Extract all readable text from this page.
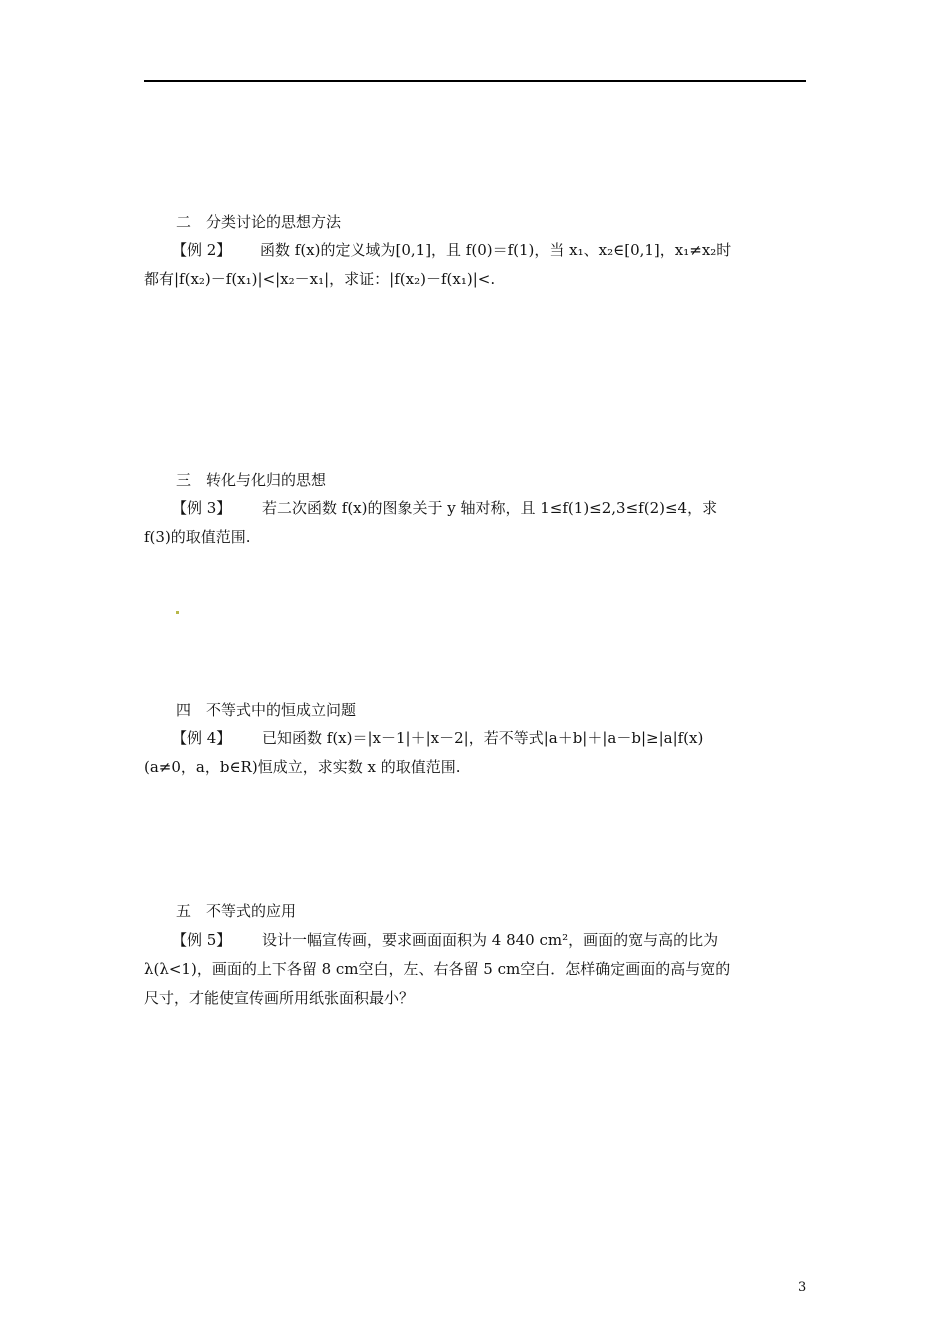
二　分类讨论的思想方法
【例 2】 函数 f(x)的定义域为[0,1]，且 f(0)＝f(1)，当 x₁、x₂∈[0,1]，x₁≠x₂时
都有|f(x₂)－f(x₁)|<|x₂－x₁|，求证：|f(x₂)－f(x₁)|<.
三　转化与化归的思想
【例 3】 若二次函数 f(x)的图象关于 y 轴对称，且 1≤f(1)≤2,3≤f(2)≤4，求
f(3)的取值范围.
四　不等式中的恒成立问题
【例 4】 已知函数 f(x)＝|x－1|＋|x－2|，若不等式|a＋b|＋|a－b|≥|a|f(x)
(a≠0，a，b∈R)恒成立，求实数 x 的取值范围.
五　不等式的应用
【例 5】 设计一幅宣传画，要求画面面积为 4 840 cm²，画面的宽与高的比为
λ(λ<1)，画面的上下各留 8 cm空白，左、右各留 5 cm空白．怎样确定画面的高与宽的
尺寸，才能使宣传画所用纸张面积最小？
3
